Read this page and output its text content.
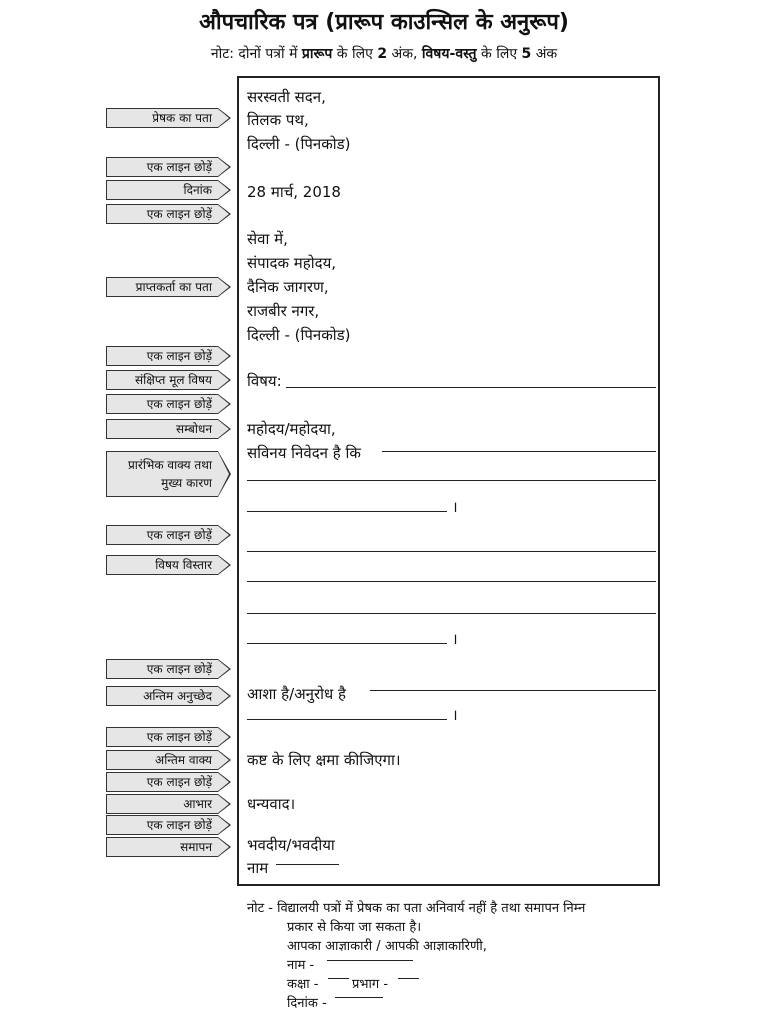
औपचारिक पत्र (प्रारूप काउन्सिल के अनुरूप)
नोट: दोनों पत्रों में प्रारूप के लिए 2 अंक, विषय-वस्तु के लिए 5 अंक
सरस्वती सदन,
तिलक पथ,
दिल्ली - (पिनकोड)
28 मार्च, 2018
सेवा में,
संपादक महोदय,
दैनिक जागरण,
राजबीर नगर,
दिल्ली - (पिनकोड)
विषय:
महोदय/महोदया,
सविनय निवेदन है कि
।
।
आशा है/अनुरोध है
।
कष्ट के लिए क्षमा कीजिएगा।
धन्यवाद।
भवदीय/भवदीया
नाम
प्रेषक का पता
एक लाइन छोड़ें
दिनांक
एक लाइन छोड़ें
प्राप्तकर्ता का पता
एक लाइन छोड़ें
संक्षिप्त मूल विषय
एक लाइन छोड़ें
सम्बोधन
प्रारंभिक वाक्य तथा
मुख्य कारण
एक लाइन छोड़ें
विषय विस्तार
एक लाइन छोड़ें
अन्तिम अनुच्छेद
एक लाइन छोड़ें
अन्तिम वाक्य
एक लाइन छोड़ें
आभार
एक लाइन छोड़ें
समापन
नोट - विद्यालयी पत्रों में प्रेषक का पता अनिवार्य नहीं है तथा समापन निम्न
प्रकार से किया जा सकता है।
आपका आज्ञाकारी / आपकी आज्ञाकारिणी,
नाम -
कक्षा -	प्रभाग -
दिनांक -
